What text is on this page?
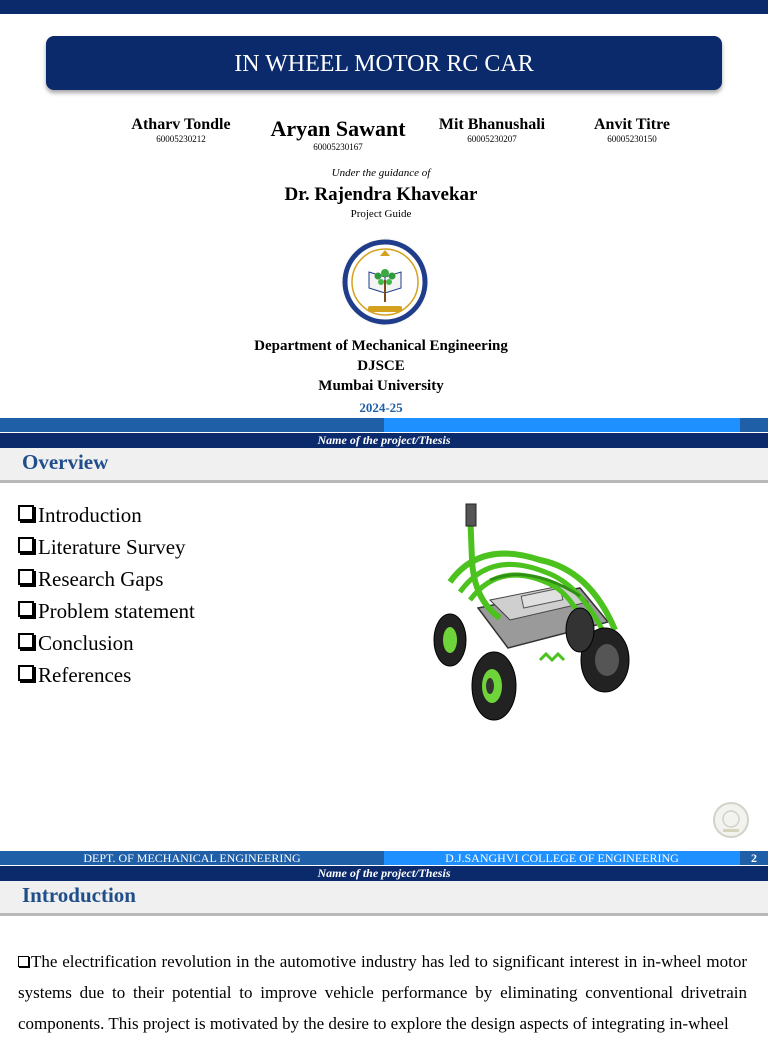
IN WHEEL MOTOR RC CAR
Atharv Tondle
60005230212	Aryan Sawant
60005230167
Mit Bhanushali
60005230207
Anvit Titre
60005230150
Under the guidance of
Dr. Rajendra Khavekar
Project Guide
Department of Mechanical Engineering
DJSCE
Mumbai University
2024-25
Name of the project/Thesis
Overview
Introduction
Literature Survey
Research Gaps
Problem statement
Conclusion
References
DEPT. OF MECHANICAL ENGINEERING	D.J.SANGHVI COLLEGE OF ENGINEERING	2
Name of the project/Thesis
Introduction
The electrification revolution in the automotive industry has led to significant interest in in-wheel motor systems due to their potential to improve vehicle performance by eliminating conventional drivetrain components. This project is motivated by the desire to explore the design aspects of integrating in-wheel
